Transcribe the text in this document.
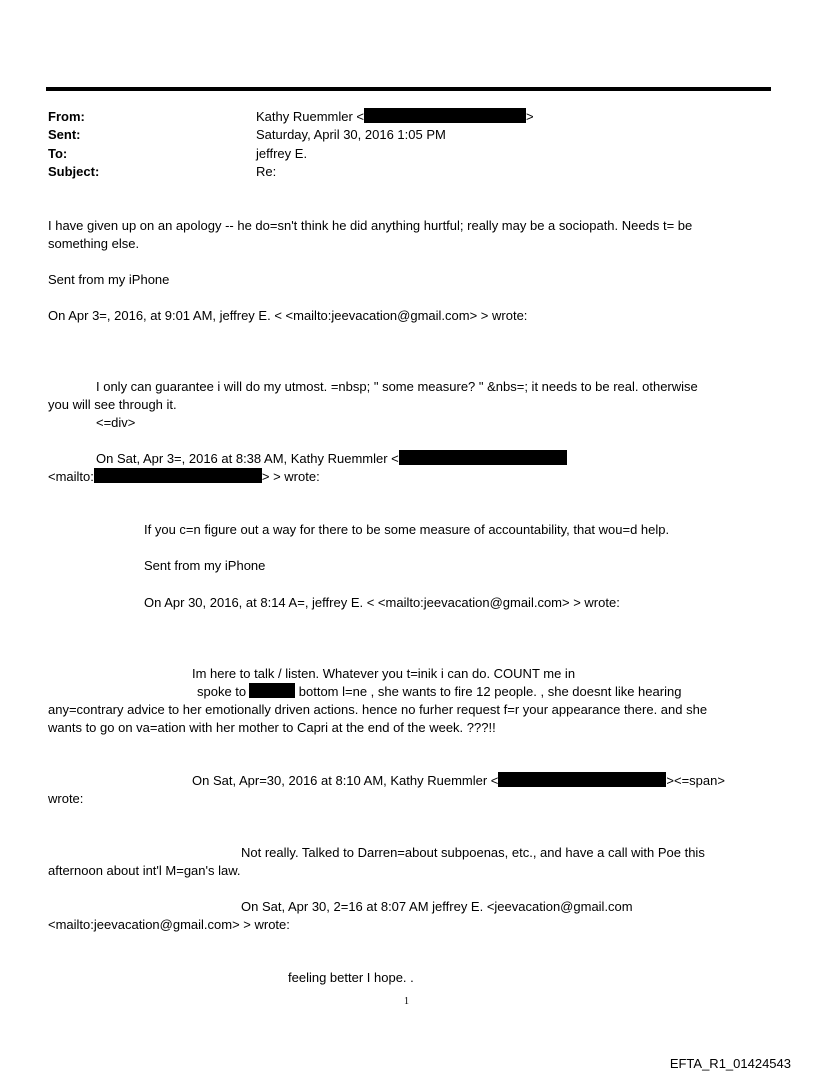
From:	Kathy Ruemmler <	>
Sent:	Saturday, April 30, 2016 1:05 PM
To:	jeffrey E.
Subject:	Re:
I have given up on an apology -- he do=sn't think he did anything hurtful; really may be a sociopath. Needs t= be
something else.
Sent from my iPhone
On Apr 3=, 2016, at 9:01 AM, jeffrey E. < <mailto:jeevacation@gmail.com> > wrote:
I only can guarantee i will do my utmost. =nbsp; " some measure? " &nbs=; it needs to be real. otherwise
you will see through it.
<=div>
On Sat, Apr 3=, 2016 at 8:38 AM, Kathy Ruemmler <
<mailto:	> > wrote:
If you c=n figure out a way for there to be some measure of accountability, that wou=d help.
Sent from my iPhone
On Apr 30, 2016, at 8:14 A=, jeffrey E. < <mailto:jeevacation@gmail.com> > wrote:
Im here to talk / listen. Whatever you t=inik i can do. COUNT me in
spoke to	bottom l=ne , she wants to fire 12 people. , she doesnt like hearing
any=contrary advice to her emotionally driven actions. hence no furher request f=r your appearance there. and she
wants to go on va=ation with her mother to Capri at the end of the week. ???!!
On Sat, Apr=30, 2016 at 8:10 AM, Kathy Ruemmler <	><=span>
wrote:
Not really. Talked to Darren=about subpoenas, etc., and have a call with Poe this
afternoon about int'l M=gan's law.
On Sat, Apr 30, 2=16 at 8:07 AM jeffrey E. <jeevacation@gmail.com
<mailto:jeevacation@gmail.com> > wrote:
feeling better I hope. .
1
EFTA_R1_01424543
